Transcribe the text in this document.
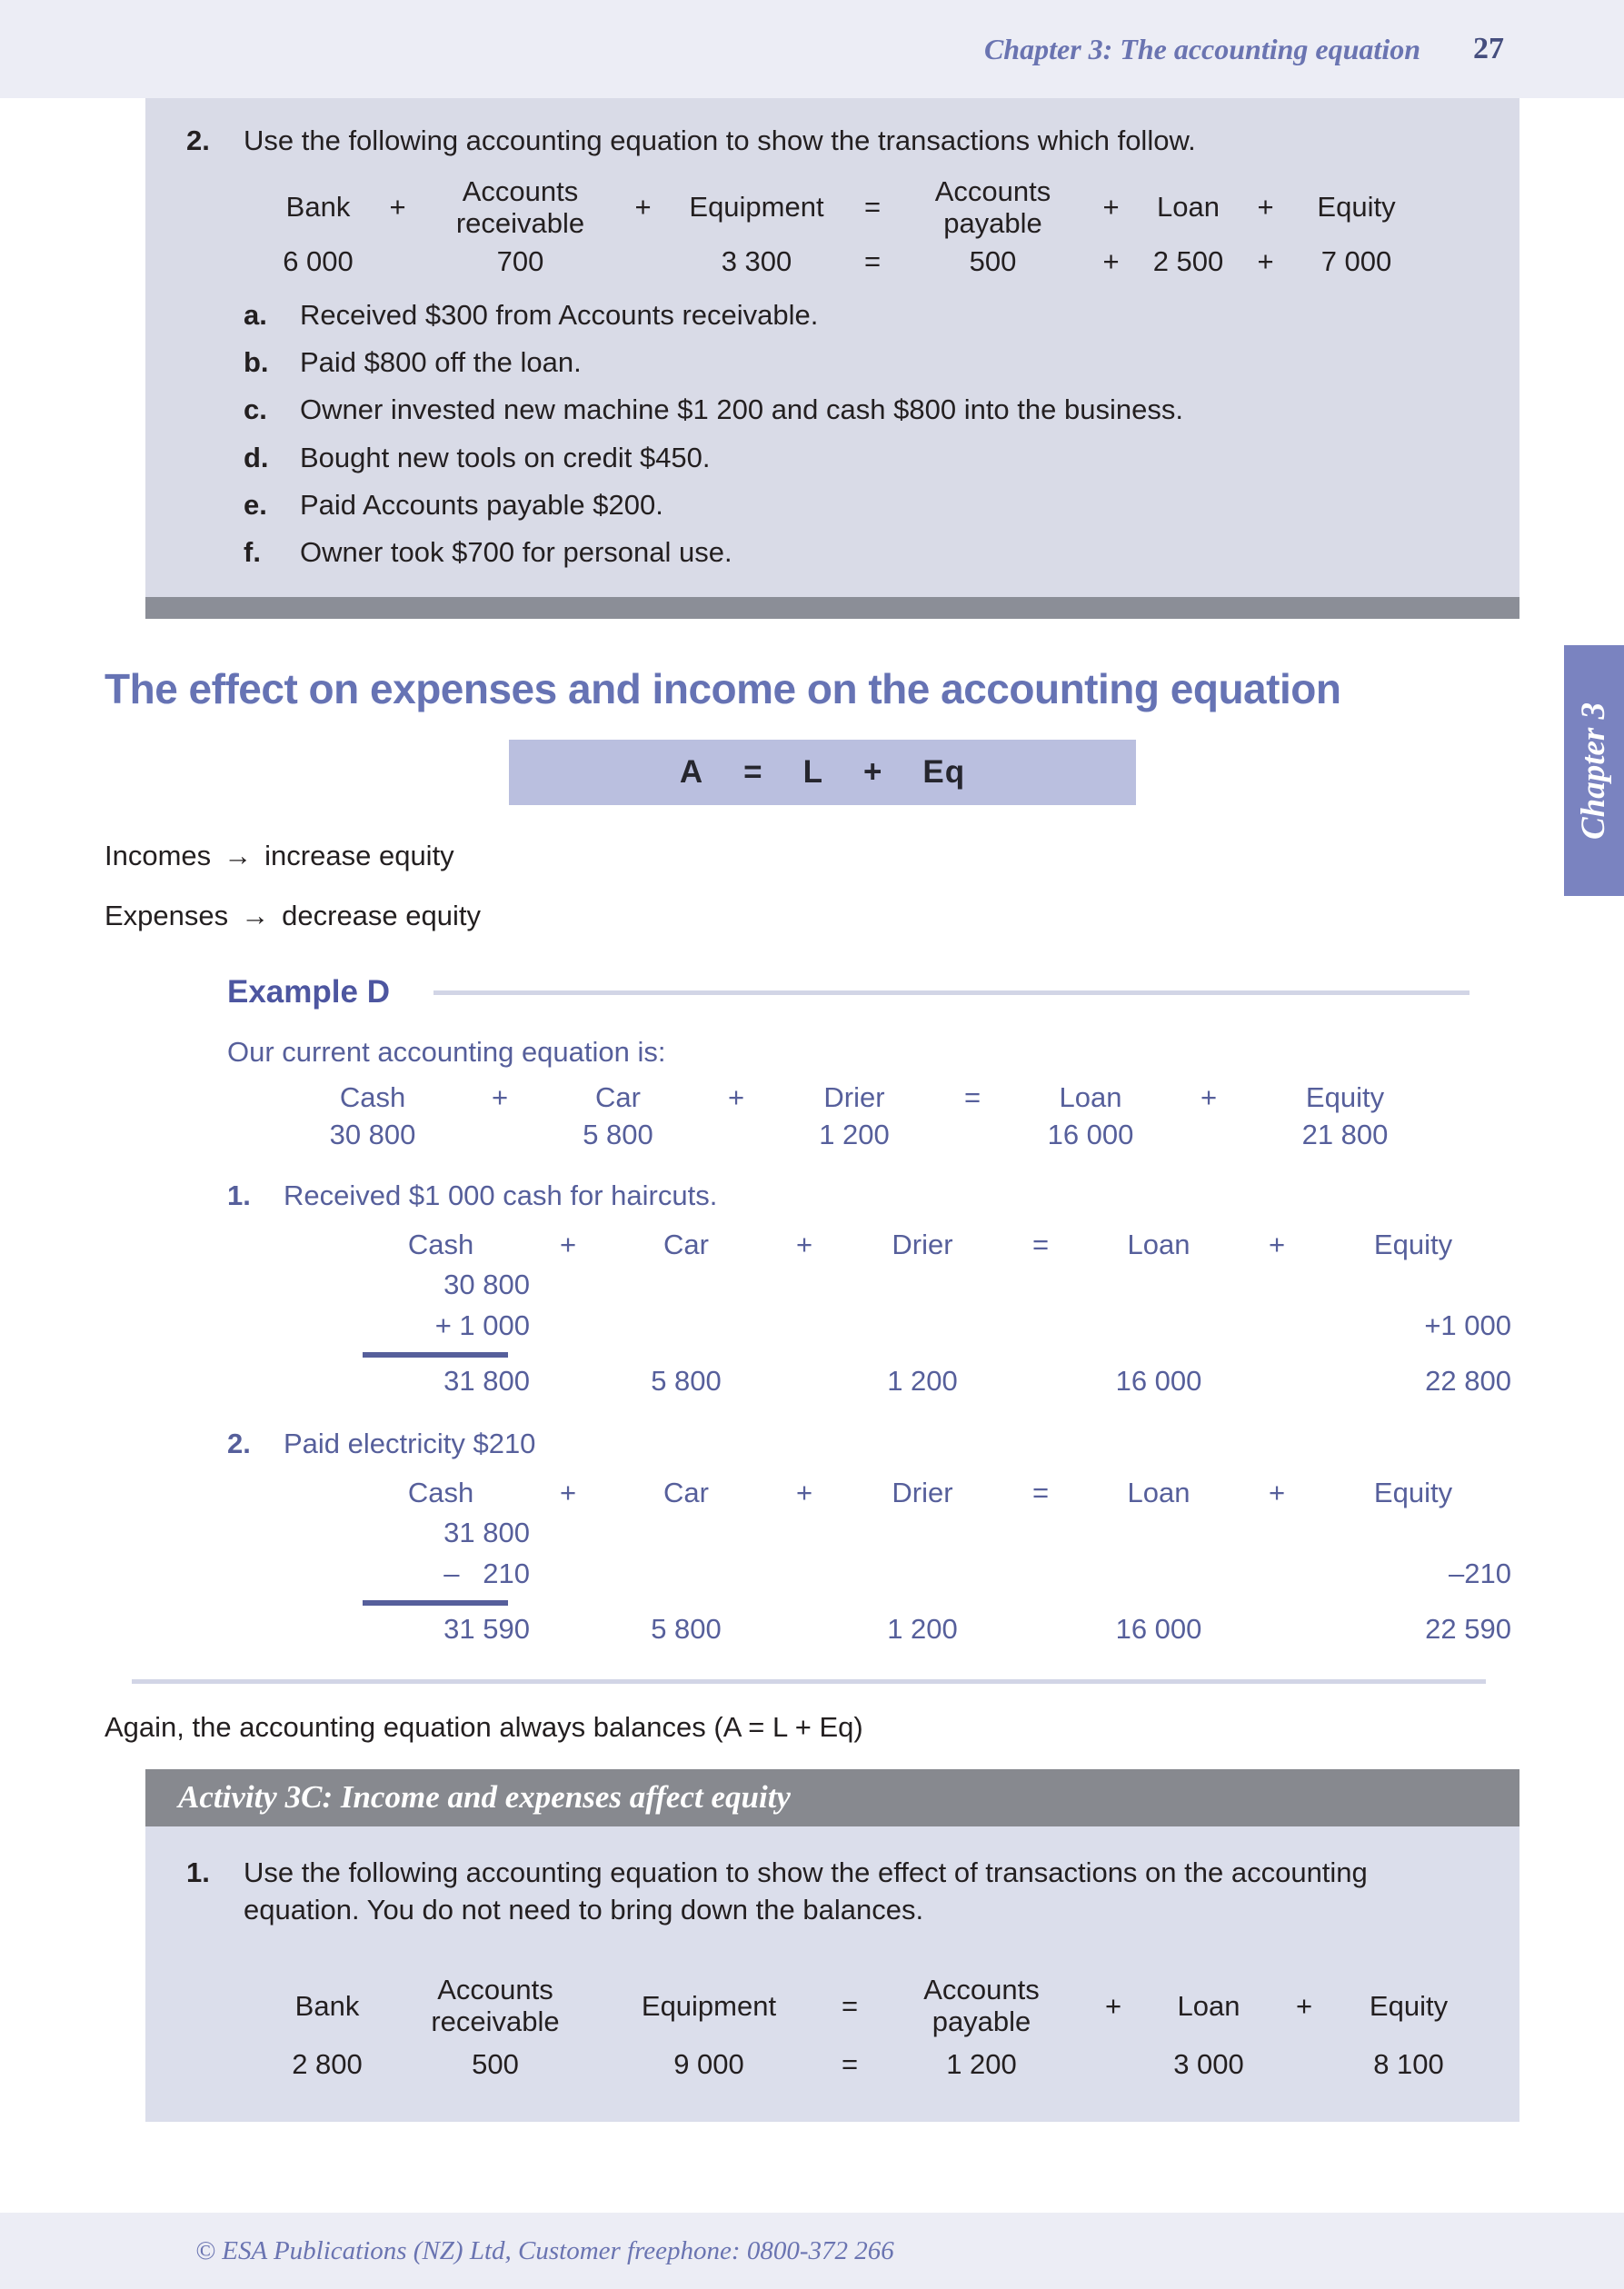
Chapter 3: The accounting equation 27
Chapter 3
2.	Use the following accounting equation to show the transactions which follow.
Bank	+	Accounts receivable	+	Equipment	=	Accounts payable	+	Loan	+	Equity
6 000		700		3 300	=	500	+	2 500	+	7 000
a.	Received $300 from Accounts receivable.
b.	Paid $800 off the loan.
c.	Owner invested new machine $1 200 and cash $800 into the business.
d.	Bought new tools on credit $450.
e.	Paid Accounts payable $200.
f.	Owner took $700 for personal use.
The effect on expenses and income on the accounting equation
A = L + Eq

Incomes → increase equity

Expenses → decrease equity

Example D

Our current accounting equation is:

Cash	+	Car	+	Drier	=	Loan	+	Equity
30 800		5 800		1 200		16 000		21 800
1.	Received $1 000 cash for haircuts.
Cash	+	Car	+	Drier	=	Loan	+	Equity
30 800								
+ 1 000								+1 000

31 800		5 800		1 200		16 000		22 800
2.	Paid electricity $210
Cash	+	Car	+	Drier	=	Loan	+	Equity
31 800								
–   210								–210

31 590		5 800		1 200		16 000		22 590

Again, the accounting equation always balances (A = L + Eq)

Activity 3C: Income and expenses affect equity
1.	Use the following accounting equation to show the effect of transactions on the accounting equation. You do not need to bring down the balances.
Bank	Accounts receivable	Equipment	=	Accounts payable	+	Loan	+	Equity
2 800	500	9 000	=	1 200		3 000		8 100
© ESA Publications (NZ) Ltd, Customer freephone: 0800-372 266
